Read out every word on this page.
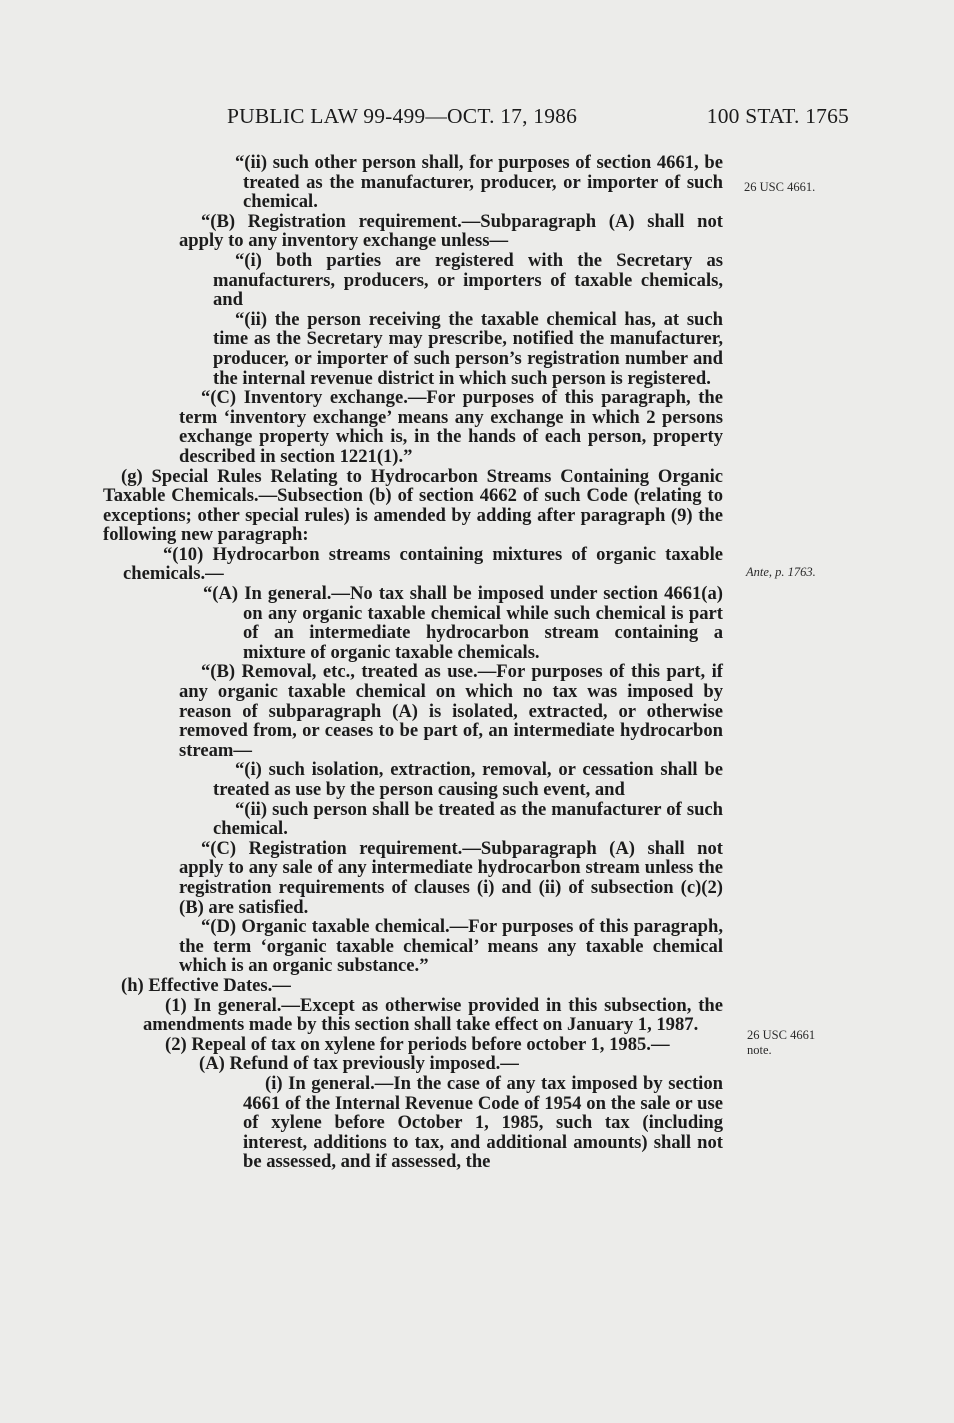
PUBLIC LAW 99-499—OCT. 17, 1986	100 STAT. 1765

“(ii) such other person shall, for purposes of section 4661, be treated as the manufacturer, producer, or importer of such chemical.

“(B) Registration requirement.—Subparagraph (A) shall not apply to any inventory exchange unless—

“(i) both parties are registered with the Secretary as manufacturers, producers, or importers of taxable chemicals, and

“(ii) the person receiving the taxable chemical has, at such time as the Secretary may prescribe, notified the manufacturer, producer, or importer of such person’s registration number and the internal revenue district in which such person is registered.

“(C) Inventory exchange.—For purposes of this paragraph, the term ‘inventory exchange’ means any exchange in which 2 persons exchange property which is, in the hands of each person, property described in section 1221(1).”

(g) Special Rules Relating to Hydrocarbon Streams Containing Organic Taxable Chemicals.—Subsection (b) of section 4662 of such Code (relating to exceptions; other special rules) is amended by adding after paragraph (9) the following new paragraph:

“(10) Hydrocarbon streams containing mixtures of organic taxable chemicals.—

“(A) In general.—No tax shall be imposed under section 4661(a) on any organic taxable chemical while such chemical is part of an intermediate hydrocarbon stream containing a mixture of organic taxable chemicals.

“(B) Removal, etc., treated as use.—For purposes of this part, if any organic taxable chemical on which no tax was imposed by reason of subparagraph (A) is isolated, extracted, or otherwise removed from, or ceases to be part of, an intermediate hydrocarbon stream—

“(i) such isolation, extraction, removal, or cessation shall be treated as use by the person causing such event, and

“(ii) such person shall be treated as the manufacturer of such chemical.

“(C) Registration requirement.—Subparagraph (A) shall not apply to any sale of any intermediate hydrocarbon stream unless the registration requirements of clauses (i) and (ii) of subsection (c)(2)(B) are satisfied.

“(D) Organic taxable chemical.—For purposes of this paragraph, the term ‘organic taxable chemical’ means any taxable chemical which is an organic substance.”

(h) Effective Dates.—

(1) In general.—Except as otherwise provided in this subsection, the amendments made by this section shall take effect on January 1, 1987.

(2) Repeal of tax on xylene for periods before october 1, 1985.—

(A) Refund of tax previously imposed.—

(i) In general.—In the case of any tax imposed by section 4661 of the Internal Revenue Code of 1954 on the sale or use of xylene before October 1, 1985, such tax (including interest, additions to tax, and additional amounts) shall not be assessed, and if assessed, the

26 USC 4661.
Ante, p. 1763.
26 USC 4661 note.
